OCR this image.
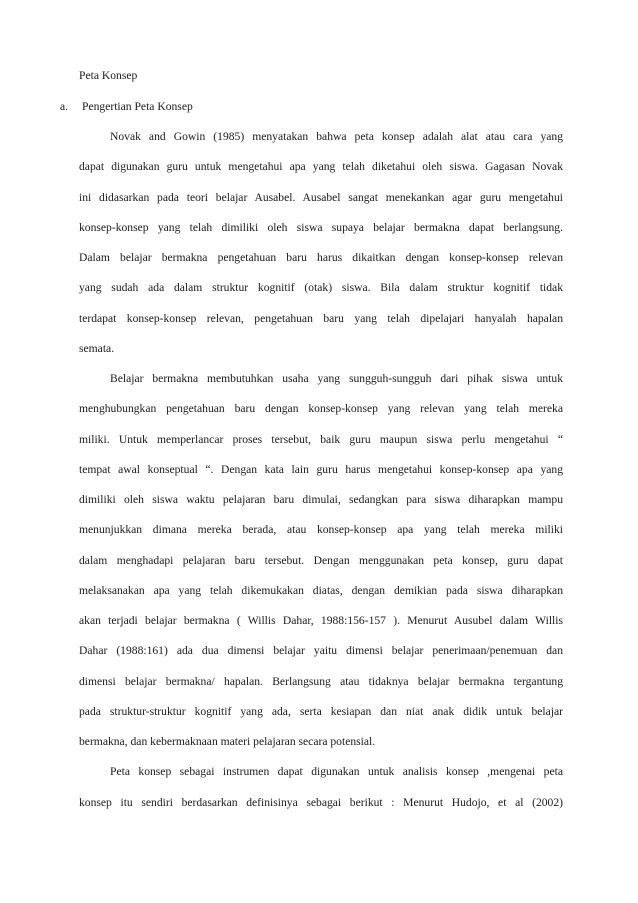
Peta Konsep
a. Pengertian Peta Konsep

Novak and Gowin (1985) menyatakan bahwa peta konsep adalah alat atau cara yang

dapat digunakan guru untuk mengetahui apa yang telah diketahui oleh siswa. Gagasan Novak

ini didasarkan pada teori belajar Ausabel. Ausabel sangat menekankan agar guru mengetahui

konsep-konsep yang telah dimiliki oleh siswa supaya belajar bermakna dapat berlangsung.

Dalam belajar bermakna pengetahuan baru harus dikaitkan dengan konsep-konsep relevan

yang sudah ada dalam struktur kognitif (otak) siswa. Bila dalam struktur kognitif tidak

terdapat konsep-konsep relevan, pengetahuan baru yang telah dipelajari hanyalah hapalan

semata.

Belajar bermakna membutuhkan usaha yang sungguh-sungguh dari pihak siswa untuk

menghubungkan pengetahuan baru dengan konsep-konsep yang relevan yang telah mereka

miliki. Untuk memperlancar proses tersebut, baik guru maupun siswa perlu mengetahui “

tempat awal konseptual “. Dengan kata lain guru harus mengetahui konsep-konsep apa yang

dimiliki oleh siswa waktu pelajaran baru dimulai, sedangkan para siswa diharapkan mampu

menunjukkan dimana mereka berada, atau konsep-konsep apa yang telah mereka miliki

dalam menghadapi pelajaran baru tersebut. Dengan menggunakan peta konsep, guru dapat

melaksanakan apa yang telah dikemukakan diatas, dengan demikian pada siswa diharapkan

akan terjadi belajar bermakna ( Willis Dahar, 1988:156-157 ). Menurut Ausubel dalam Willis

Dahar (1988:161) ada dua dimensi belajar yaitu dimensi belajar penerimaan/penemuan dan

dimensi belajar bermakna/ hapalan. Berlangsung atau tidaknya belajar bermakna tergantung

pada struktur-struktur kognitif yang ada, serta kesiapan dan niat anak didik untuk belajar

bermakna, dan kebermaknaan materi pelajaran secara potensial.

Peta konsep sebagai instrumen dapat digunakan untuk analisis konsep ,mengenai peta

konsep itu sendiri berdasarkan definisinya sebagai berikut : Menurut Hudojo, et al (2002)
